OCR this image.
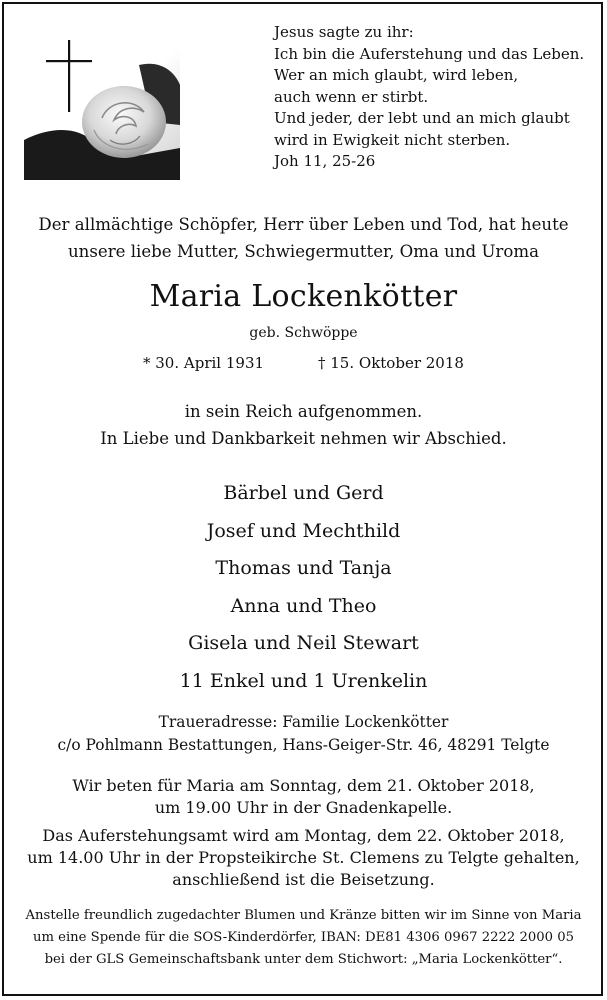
Jesus sagte zu ihr:
Ich bin die Auferstehung und das Leben.
Wer an mich glaubt, wird leben,
auch wenn er stirbt.
Und jeder, der lebt und an mich glaubt
wird in Ewigkeit nicht sterben.
Joh 11, 25-26
Der allmächtige Schöpfer, Herr über Leben und Tod, hat heute
unsere liebe Mutter, Schwiegermutter, Oma und Uroma
Maria Lockenkötter
geb. Schwöppe
* 30. April 1931	† 15. Oktober 2018
in sein Reich aufgenommen.
In Liebe und Dankbarkeit nehmen wir Abschied.
Bärbel und Gerd
Josef und Mechthild
Thomas und Tanja
Anna und Theo
Gisela und Neil Stewart
11 Enkel und 1 Urenkelin
Traueradresse: Familie Lockenkötter
c/o Pohlmann Bestattungen, Hans-Geiger-Str. 46, 48291 Telgte
Wir beten für Maria am Sonntag, dem 21. Oktober 2018,
um 19.00 Uhr in der Gnadenkapelle.
Das Auferstehungsamt wird am Montag, dem 22. Oktober 2018,
um 14.00 Uhr in der Propsteikirche St. Clemens zu Telgte gehalten,
anschließend ist die Beisetzung.
Anstelle freundlich zugedachter Blumen und Kränze bitten wir im Sinne von Maria
um eine Spende für die SOS-Kinderdörfer, IBAN: DE81 4306 0967 2222 2000 05
bei der GLS Gemeinschaftsbank unter dem Stichwort: „Maria Lockenkötter“.
